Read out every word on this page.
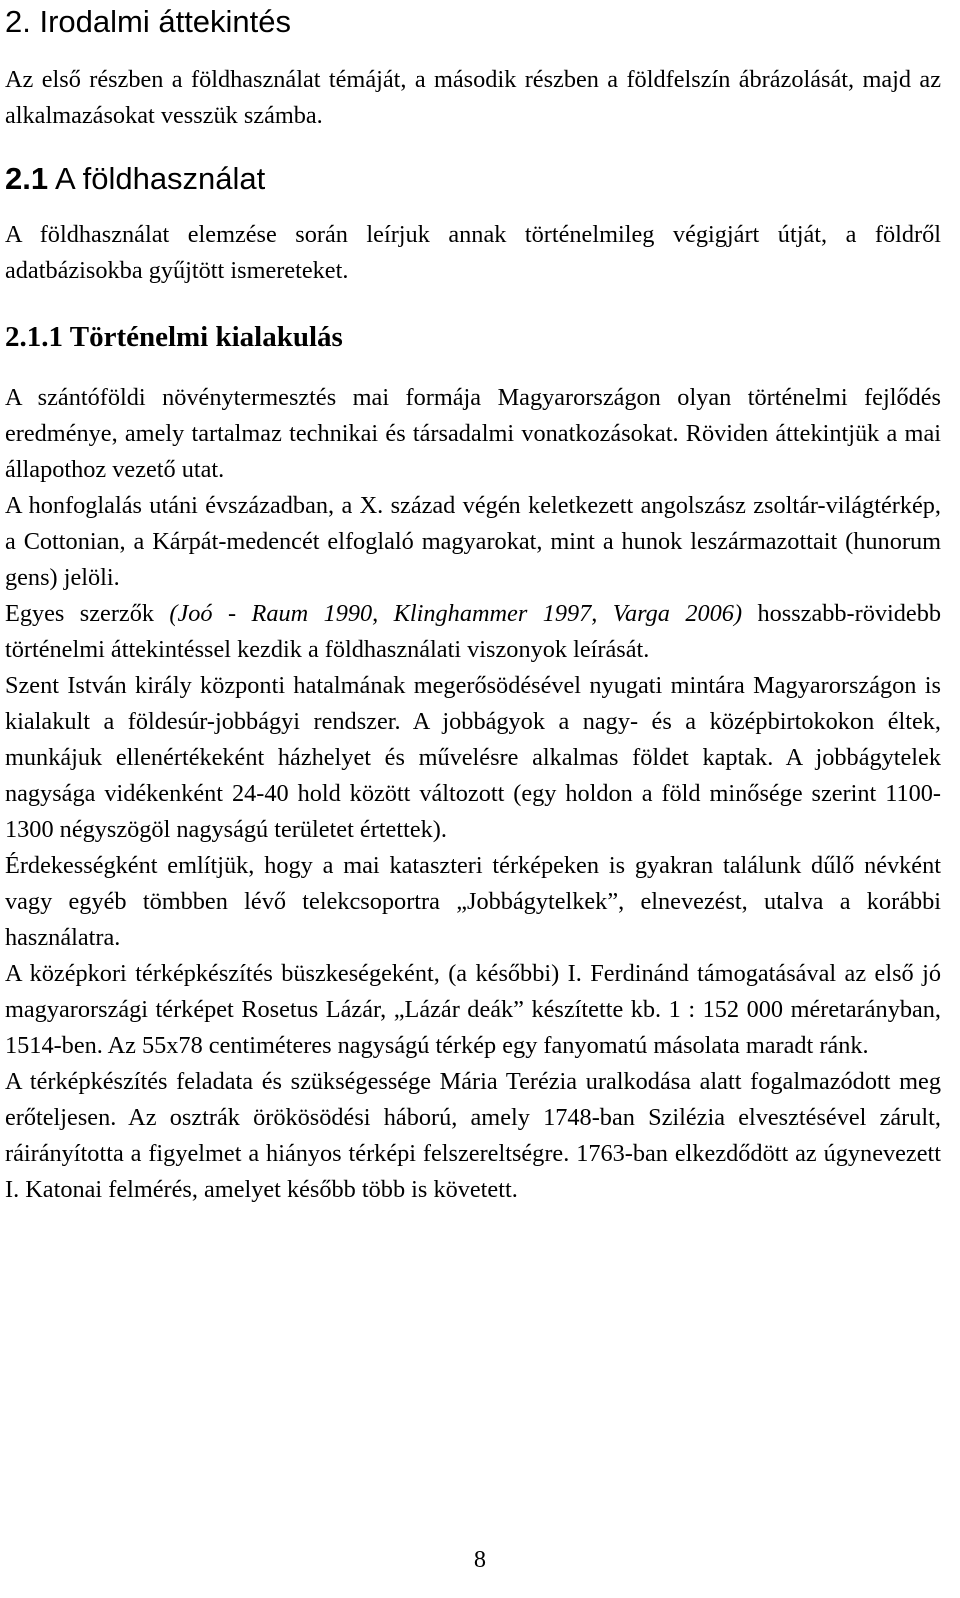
2. Irodalmi áttekintés

Az első részben a földhasználat témáját, a második részben a földfelszín ábrázolását, majd az alkalmazásokat vesszük számba.

2.1 A földhasználat

A földhasználat elemzése során leírjuk annak történelmileg végigjárt útját, a földről adatbázisokba gyűjtött ismereteket.

2.1.1 Történelmi kialakulás

A szántóföldi növénytermesztés mai formája Magyarországon olyan történelmi fejlődés eredménye, amely tartalmaz technikai és társadalmi vonatkozásokat. Röviden áttekintjük a mai állapothoz vezető utat.

A honfoglalás utáni évszázadban, a X. század végén keletkezett angolszász zsoltár-világtérkép, a Cottonian, a Kárpát-medencét elfoglaló magyarokat, mint a hunok leszármazottait (hunorum gens) jelöli.

Egyes szerzők (Joó - Raum 1990, Klinghammer 1997, Varga 2006) hosszabb-rövidebb történelmi áttekintéssel kezdik a földhasználati viszonyok leírását.

Szent István király központi hatalmának megerősödésével nyugati mintára Magyarországon is kialakult a földesúr-jobbágyi rendszer. A jobbágyok a nagy- és a középbirtokokon éltek, munkájuk ellenértékeként házhelyet és művelésre alkalmas földet kaptak. A jobbágytelek nagysága vidékenként 24-40 hold között változott (egy holdon a föld minősége szerint 1100-1300 négyszögöl nagyságú területet értettek).

Érdekességként említjük, hogy a mai kataszteri térképeken is gyakran találunk dűlő névként vagy egyéb tömbben lévő telekcsoportra „Jobbágytelkek”, elnevezést, utalva a korábbi használatra.

A középkori térképkészítés büszkeségeként, (a későbbi) I. Ferdinánd támogatásával az első jó magyarországi térképet Rosetus Lázár, „Lázár deák” készítette kb. 1 : 152 000 méretarányban, 1514-ben. Az 55x78 centiméteres nagyságú térkép egy fanyomatú másolata maradt ránk.

A térképkészítés feladata és szükségessége Mária Terézia uralkodása alatt fogalmazódott meg erőteljesen. Az osztrák örökösödési háború, amely 1748-ban Szilézia elvesztésével zárult, ráirányította a figyelmet a hiányos térképi felszereltségre. 1763-ban elkezdődött az úgynevezett I. Katonai felmérés, amelyet később több is követett.

8
